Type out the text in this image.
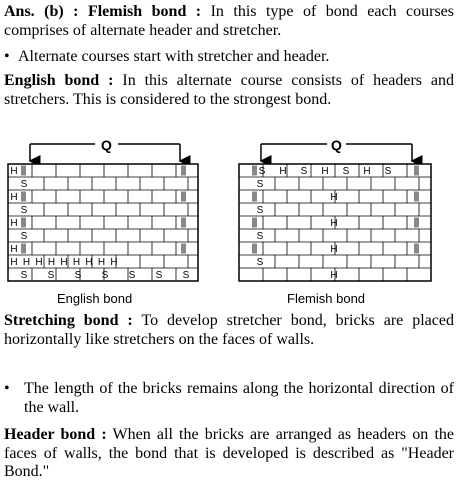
Ans. (b) : Flemish bond : In this type of bond each courses comprises of alternate header and stretcher.
• Alternate courses start with stretcher and header.
English bond : In this alternate course consists of headers and stretchers. This is considered to the strongest bond.
Q
H
S
H
S
H
S
H
H H H H H H H H H
S S S S S S S
Q
S H S H S H S
S
H
S
H
S
H
S
H
English bond	Flemish bond
Stretching bond : To develop stretcher bond, bricks are placed horizontally like stretchers on the faces of walls.
• The length of the bricks remains along the horizontal direction of the wall.
Header bond : When all the bricks are arranged as headers on the faces of walls, the bond that is developed is described as "Header Bond."
